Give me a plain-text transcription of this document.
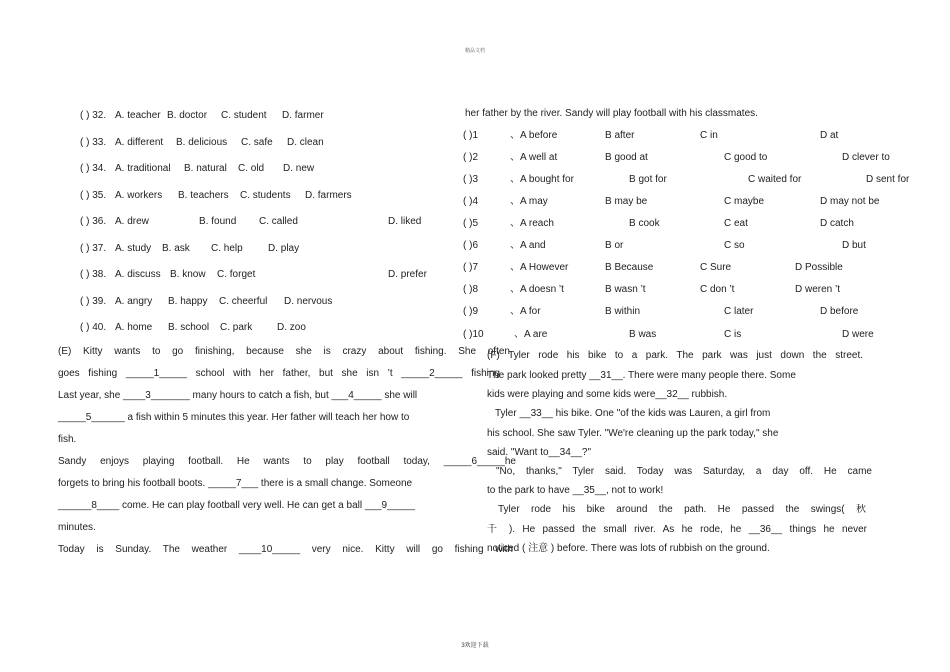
精品文档
( ) 32. A. teacher B. doctor C. student D. farmer
( ) 33. A. different B. delicious C. safe D. clean
( ) 34. A. traditional B. natural C. old D. new
( ) 35. A. workers B. teachers C. students D. farmers
( ) 36. A. drew	B. found C. called	D. liked
( ) 37. A. study B. ask C. help	D. play
( ) 38. A. discuss B. know C. forget	D. prefer
( ) 39. A. angry B. happy C. cheerful D. nervous
( ) 40. A. home B. school C. park D. zoo
(E) Kitty wants to go finishing, because she is crazy about fishing. She often
goes fishing _____1_____ school with her father, but she isn ’t _____2_____ fishing
Last year, she ____3_______ many hours to catch a fish, but ___4_____ she will
_____5______ a fish within 5 minutes this year. Her father will teach her how to
fish.
Sandy enjoys playing football. He wants to play football today, _____6_____he
forgets to bring his football boots. _____7___ there is a small change. Someone
______8____ come. He can play football very well. He can get a ball ___9_____
minutes.
Today is Sunday. The weather ____10_____ very nice. Kitty will go fishing with
her father by the river. Sandy will play football with his classmates.
( )1	、A before	B after	C in	D at
( )2	、A well at	B good at	C good to	D clever to
( )3	、A bought for	B got for	C waited for	D sent for
( )4	、A may	B may be	C maybe	D may not be
( )5	、A reach	B cook	C eat	D catch
( )6	、A and	B or	C so	D but
( )7	、A However	B Because	C Sure	D Possible
( )8	、A doesn ’t	B wasn ’t	C don ’t	D weren ’t
( )9	、A for	B within	C later	D before
( )10	、A are	B was	C is	D were
(F) Tyler rode his bike to a park. The park was just down the street.
The park looked pretty __31__. There were many people there. Some
kids were playing and some kids were__32__ rubbish.
Tyler __33__ his bike. One "of the kids was Lauren, a girl from
his school. She saw Tyler. "We're cleaning up the park today," she
said. "Want to__34__?"
"No, thanks," Tyler said. Today was Saturday, a day off. He came
to the park to have __35__, not to work!
Tyler rode his bike around the path. He passed the swings( 秋
千 ). He passed the small river. As he rode, he __36__ things he never
noticed ( 注意 ) before. There was lots of rubbish on the ground.
3欢迎下载
